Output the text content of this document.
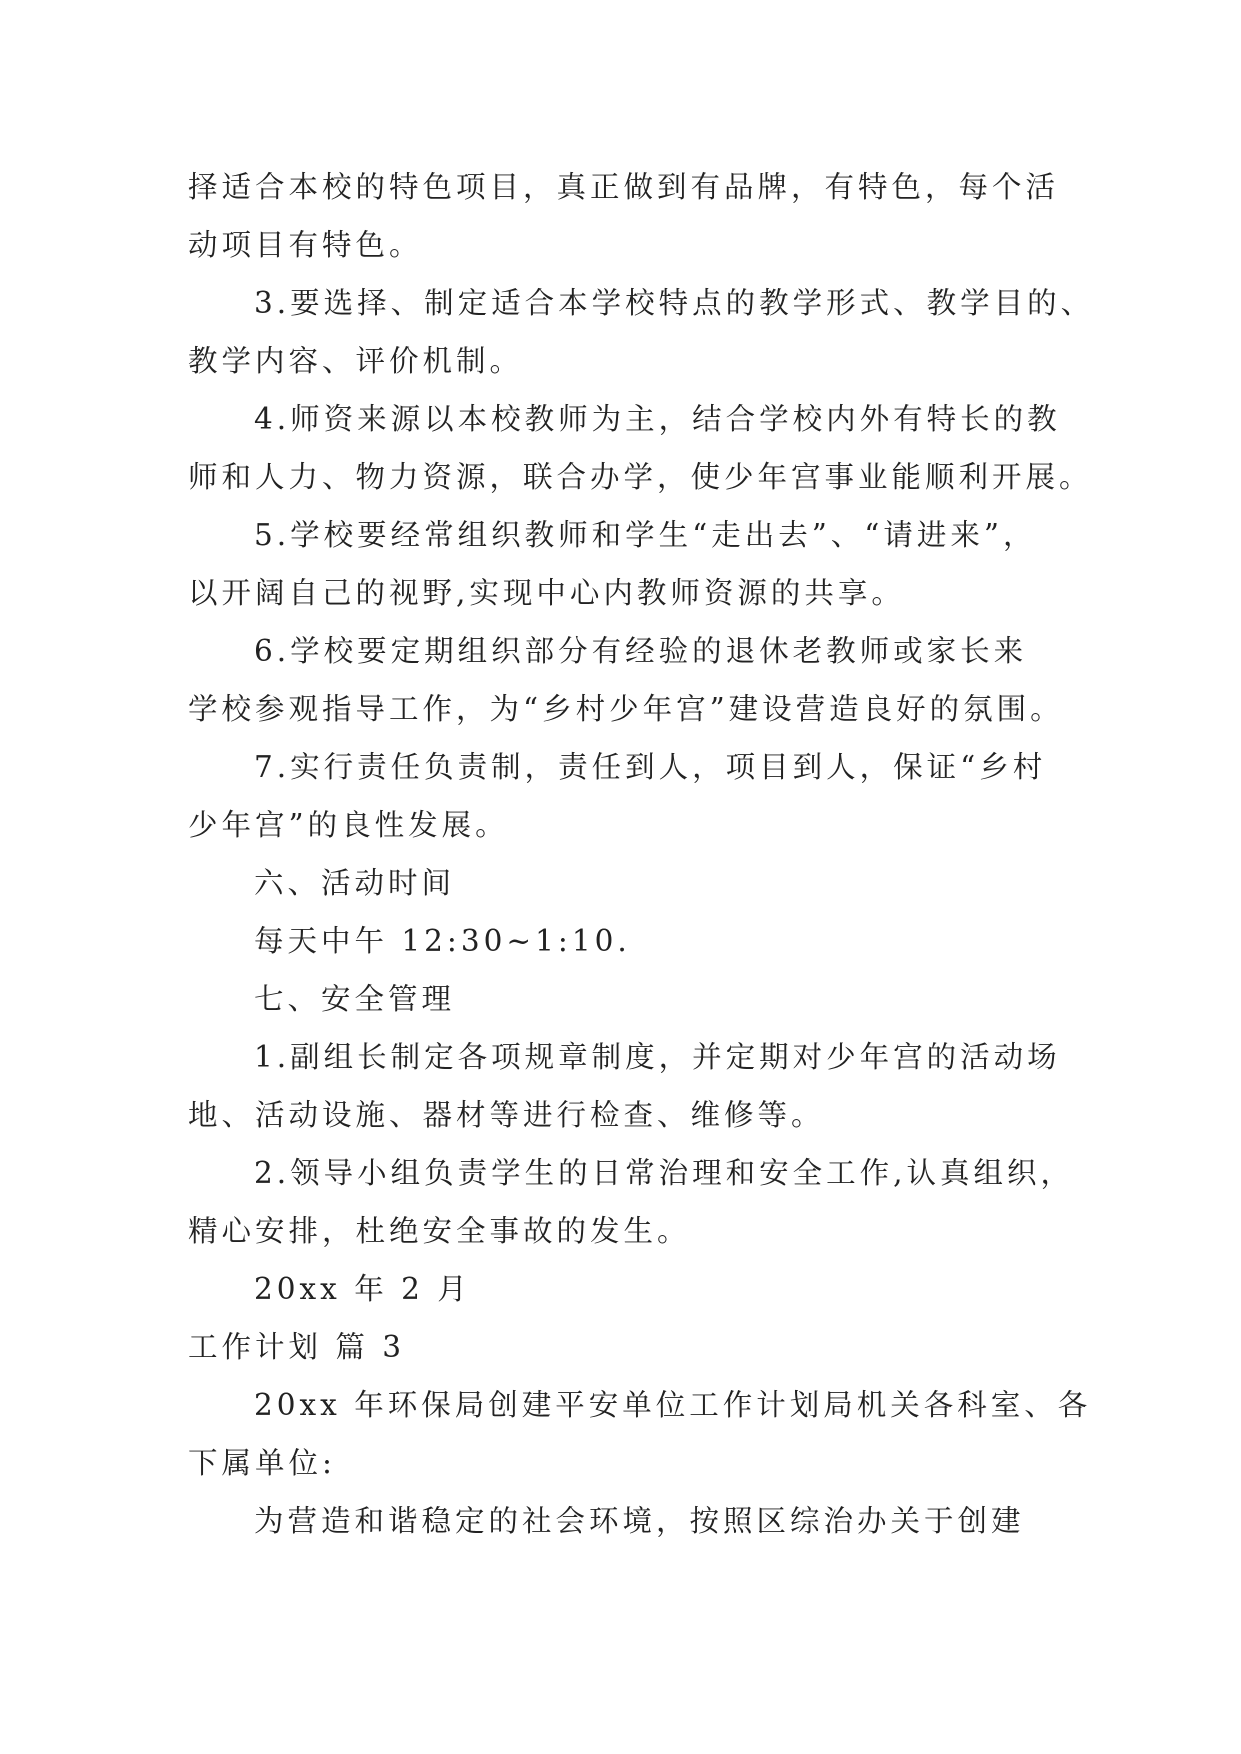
择适合本校的特色项目，真正做到有品牌，有特色，每个活
动项目有特色。
3.要选择、制定适合本学校特点的教学形式、教学目的、
教学内容、评价机制。
4.师资来源以本校教师为主，结合学校内外有特长的教
师和人力、物力资源，联合办学，使少年宫事业能顺利开展。
5.学校要经常组织教师和学生“走出去”、“请进来”，
以开阔自己的视野,实现中心内教师资源的共享。
6.学校要定期组织部分有经验的退休老教师或家长来
学校参观指导工作，为“乡村少年宫”建设营造良好的氛围。
7.实行责任负责制，责任到人，项目到人，保证“乡村
少年宫”的良性发展。
六、活动时间
每天中午 12:30~1:10.
七、安全管理
1.副组长制定各项规章制度，并定期对少年宫的活动场
地、活动设施、器材等进行检查、维修等。
2.领导小组负责学生的日常治理和安全工作,认真组织，
精心安排，杜绝安全事故的发生。
20xx 年 2 月
工作计划 篇 3
20xx 年环保局创建平安单位工作计划局机关各科室、各
下属单位:
为营造和谐稳定的社会环境，按照区综治办关于创建
